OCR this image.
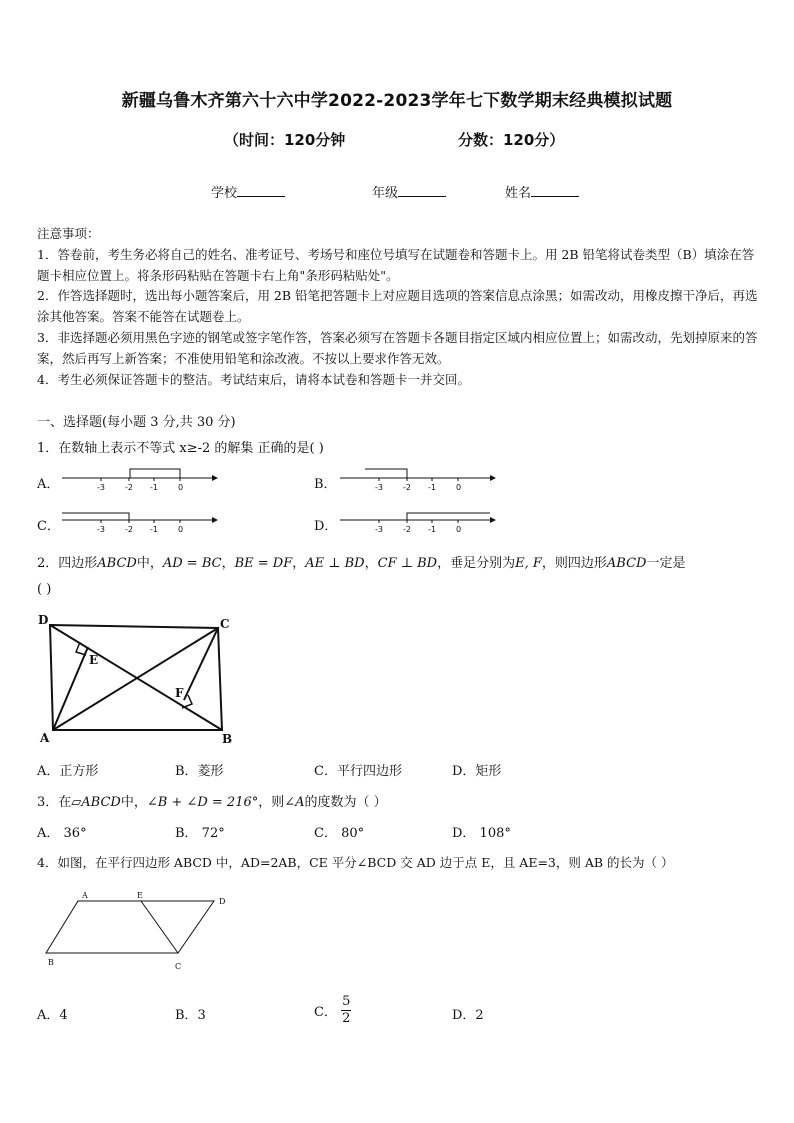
新疆乌鲁木齐第六十六中学2022-2023学年七下数学期末经典模拟试题
（时间：120分钟	分数：120分）
学校	年级	姓名

注意事项：

1．答卷前，考生务必将自己的姓名、准考证号、考场号和座位号填写在试题卷和答题卡上。用 2B 铅笔将试卷类型（B）填涂在答题卡相应位置上。将条形码粘贴在答题卡右上角"条形码粘贴处"。

2．作答选择题时，选出每小题答案后，用 2B 铅笔把答题卡上对应题目选项的答案信息点涂黑；如需改动，用橡皮擦干净后，再选涂其他答案。答案不能答在试题卷上。

3．非选择题必须用黑色字迹的钢笔或签字笔作答，答案必须写在答题卡各题目指定区域内相应位置上；如需改动，先划掉原来的答案，然后再写上新答案；不准使用铅笔和涂改液。不按以上要求作答无效。

4．考生必须保证答题卡的整洁。考试结束后，请将本试卷和答题卡一并交回。

一、选择题(每小题 3 分,共 30 分)
1．在数轴上表示不等式 x≥-2 的解集 正确的是( )
A．	-3	-2 -1	0	B．	-3	-2 -1	0
C．	-3	-2 -1	0	D．	-3	-2 -1	0
2．四边形ABCD中，AD = BC，BE = DF，AE ⊥ BD，CF ⊥ BD，垂足分别为E, F，则四边形ABCD一定是
( )
D	C
E
F
A	B
A．正方形	B．菱形	C．平行四边形	D．矩形
3．在▱ABCD中，∠B + ∠D = 216°，则∠A的度数为（ ）
A． 36°	B． 72°	C． 80°	D． 108°
4．如图，在平行四边形 ABCD 中，AD=2AB，CE 平分∠BCD 交 AD 边于点 E，且 AE=3，则 AB 的长为（ ）
A	E
D
B	C
A．4	B．3	C． $\frac{5}{2}$	D．2
